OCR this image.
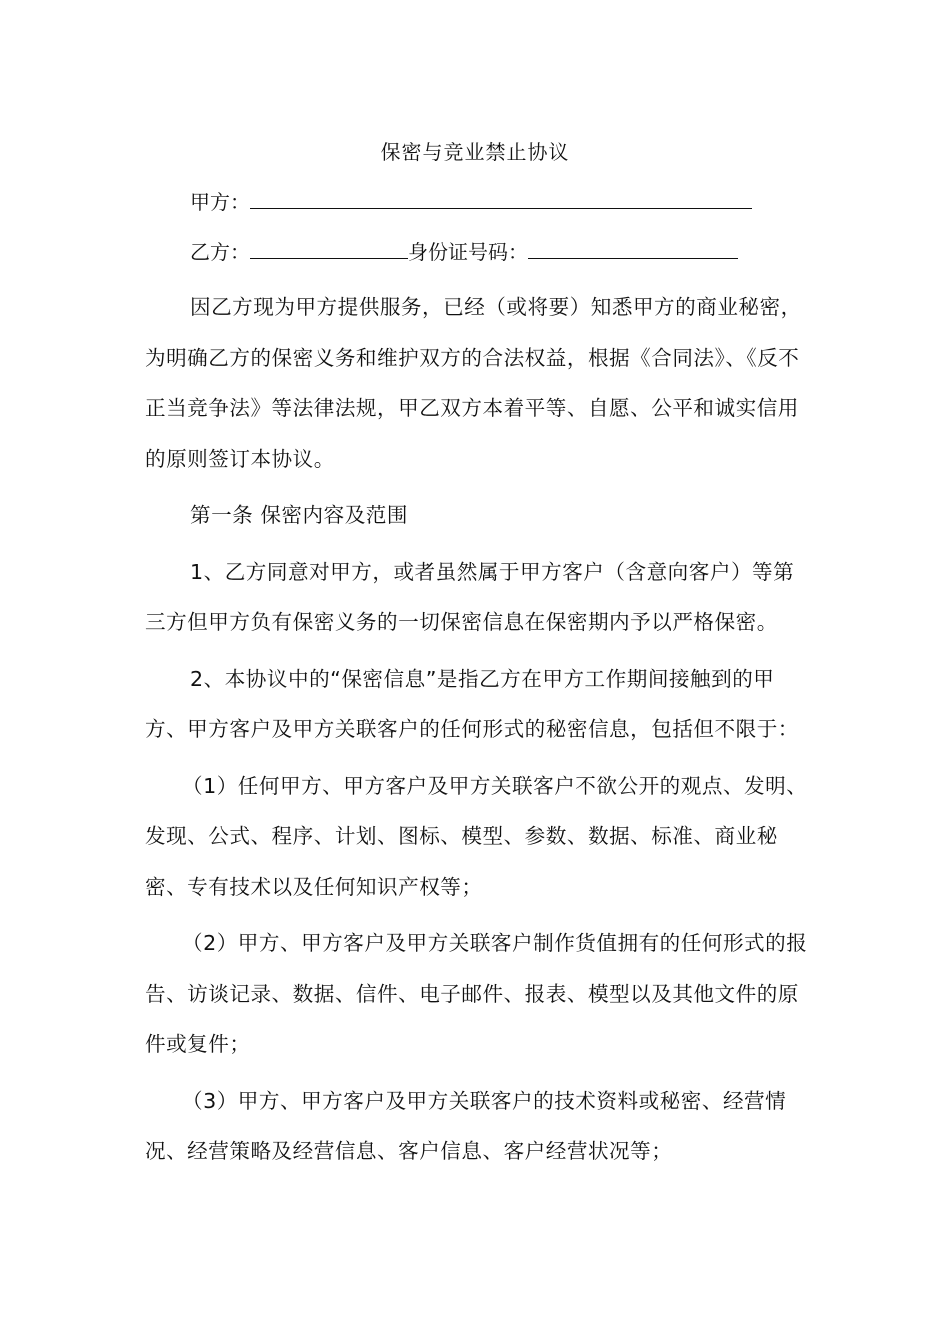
保密与竞业禁止协议
甲方：
乙方：	身份证号码：

因乙方现为甲方提供服务，已经（或将要）知悉甲方的商业秘密，为明确乙方的保密义务和维护双方的合法权益，根据《合同法》、《反不正当竞争法》等法律法规，甲乙双方本着平等、自愿、公平和诚实信用的原则签订本协议。

第一条 保密内容及范围

1、乙方同意对甲方，或者虽然属于甲方客户（含意向客户）等第三方但甲方负有保密义务的一切保密信息在保密期内予以严格保密。

2、本协议中的“保密信息”是指乙方在甲方工作期间接触到的甲方、甲方客户及甲方关联客户的任何形式的秘密信息，包括但不限于：

（1）任何甲方、甲方客户及甲方关联客户不欲公开的观点、发明、发现、公式、程序、计划、图标、模型、参数、数据、标准、商业秘密、专有技术以及任何知识产权等；

（2）甲方、甲方客户及甲方关联客户制作货值拥有的任何形式的报告、访谈记录、数据、信件、电子邮件、报表、模型以及其他文件的原件或复件；

（3）甲方、甲方客户及甲方关联客户的技术资料或秘密、经营情况、经营策略及经营信息、客户信息、客户经营状况等；
